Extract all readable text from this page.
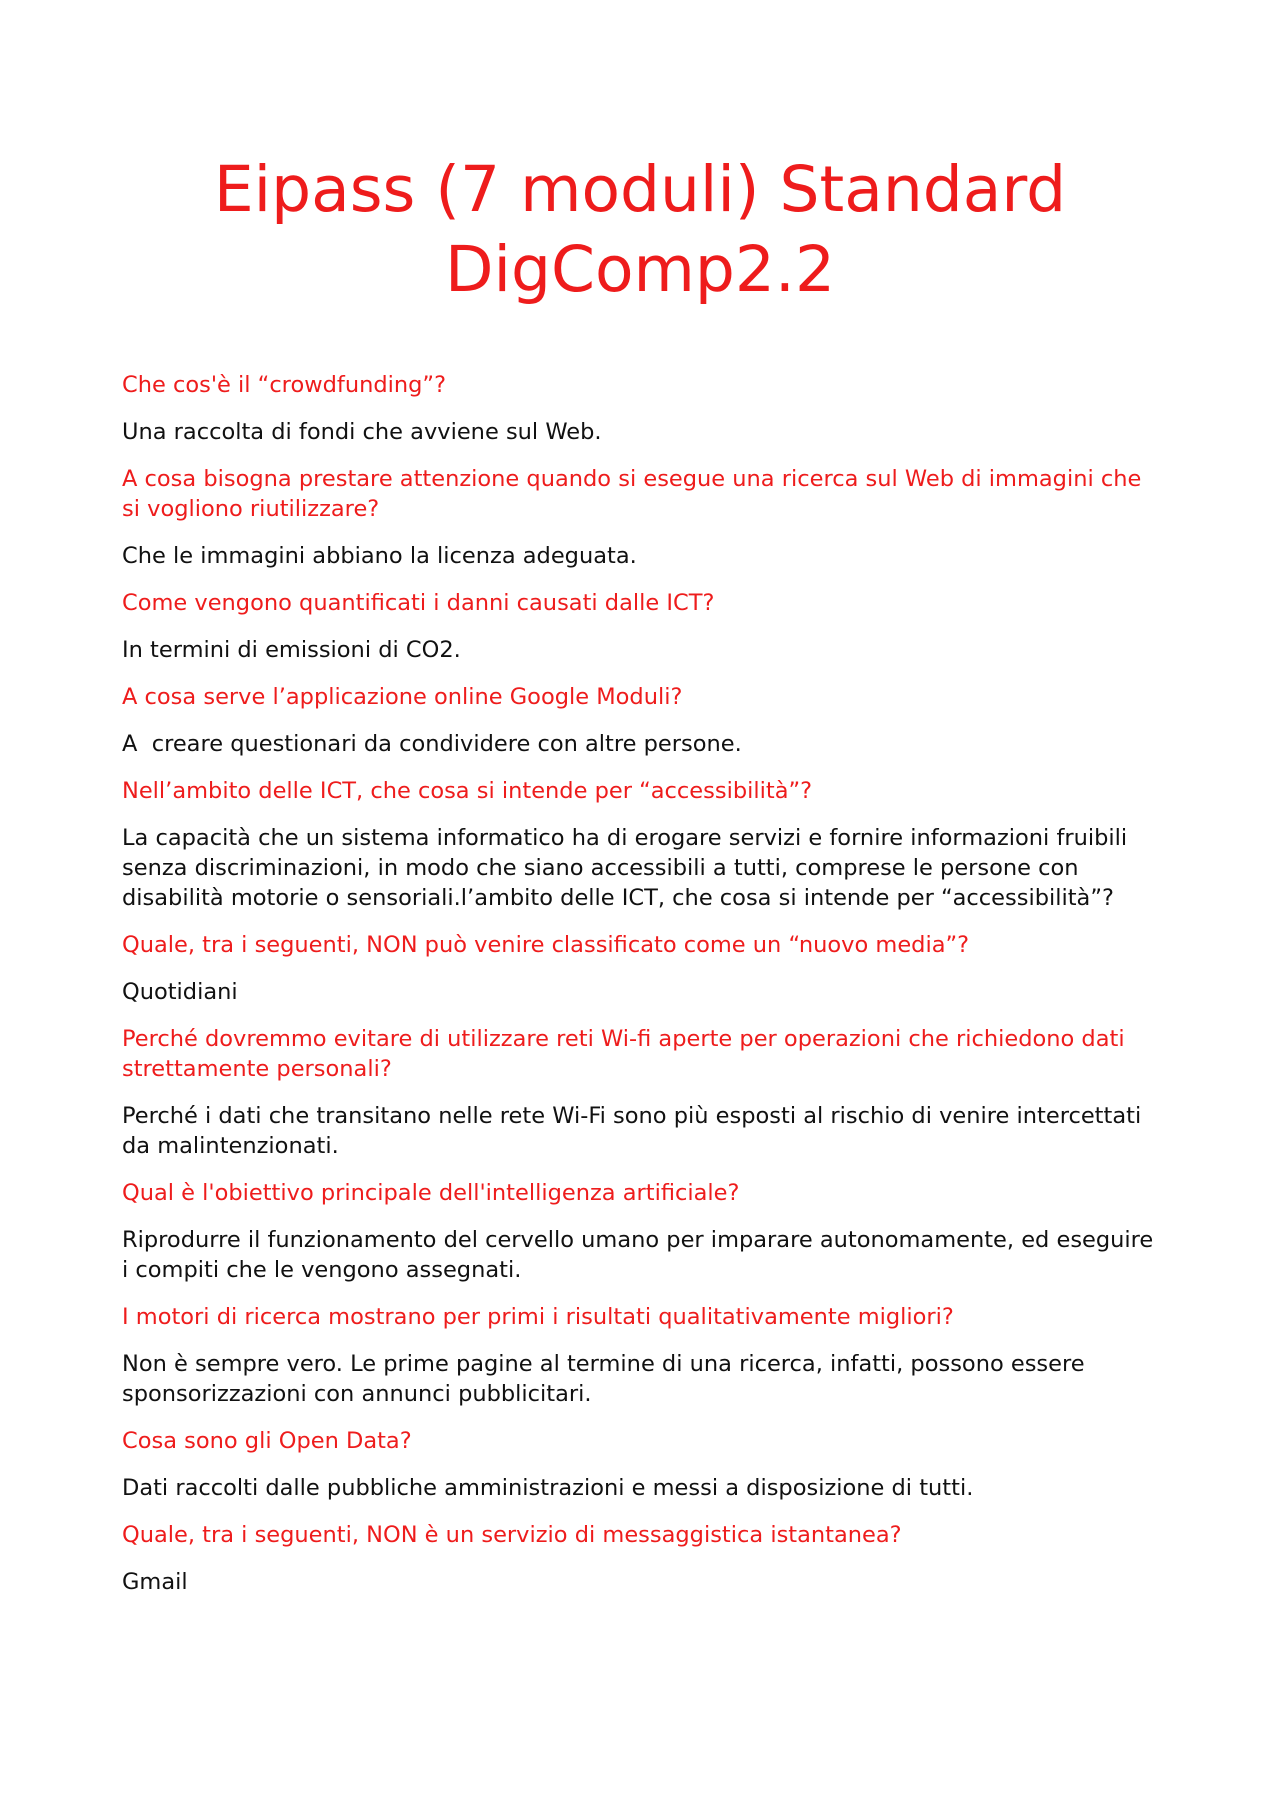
Eipass (7 moduli) Standard
DigComp2.2

Che cos'è il “crowdfunding”?

Una raccolta di fondi che avviene sul Web.

A cosa bisogna prestare attenzione quando si esegue una ricerca sul Web di immagini che si vogliono riutilizzare?

Che le immagini abbiano la licenza adeguata.

Come vengono quantificati i danni causati dalle ICT?

In termini di emissioni di CO2.

A cosa serve l’applicazione online Google Moduli?

A  creare questionari da condividere con altre persone.

Nell’ambito delle ICT, che cosa si intende per “accessibilità”?

La capacità che un sistema informatico ha di erogare servizi e fornire informazioni fruibili senza discriminazioni, in modo che siano accessibili a tutti, comprese le persone con disabilità motorie o sensoriali.l’ambito delle ICT, che cosa si intende per “accessibilità”?

Quale, tra i seguenti, NON può venire classificato come un “nuovo media”?

Quotidiani

Perché dovremmo evitare di utilizzare reti Wi-fi aperte per operazioni che richiedono dati strettamente personali?

Perché i dati che transitano nelle rete Wi-Fi sono più esposti al rischio di venire intercettati da malintenzionati.

Qual è l'obiettivo principale dell'intelligenza artificiale?

Riprodurre il funzionamento del cervello umano per imparare autonomamente, ed eseguire i compiti che le vengono assegnati.

I motori di ricerca mostrano per primi i risultati qualitativamente migliori?

Non è sempre vero. Le prime pagine al termine di una ricerca, infatti, possono essere sponsorizzazioni con annunci pubblicitari.

Cosa sono gli Open Data?

Dati raccolti dalle pubbliche amministrazioni e messi a disposizione di tutti.

Quale, tra i seguenti, NON è un servizio di messaggistica istantanea?

Gmail
